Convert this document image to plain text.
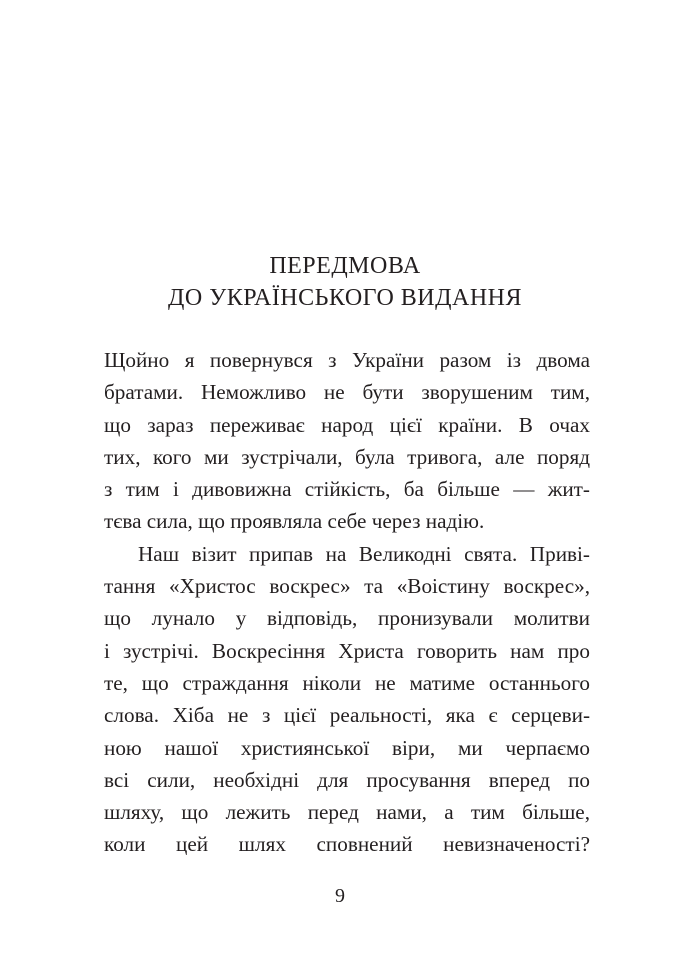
ПЕРЕДМОВА
ДО УКРАЇНСЬКОГО ВИДАННЯ
Щойно я повернувся з України разом із двома
братами. Неможливо не бути зворушеним тим,
що зараз переживає народ цієї країни. В очах
тих, кого ми зустрічали, була тривога, але поряд
з тим і дивовижна стійкість, ба більше — жит-
тєва сила, що проявляла себе через надію.
Наш візит припав на Великодні свята. Приві-
тання «Христос воскрес» та «Воістину воскрес»,
що лунало у відповідь, пронизували молитви
і зустрічі. Воскресіння Христа говорить нам про
те, що страждання ніколи не матиме останнього
слова. Хіба не з цієї реальності, яка є серцеви-
ною нашої християнської віри, ми черпаємо
всі сили, необхідні для просування вперед по
шляху, що лежить перед нами, а тим більше,
коли цей шлях сповнений невизначеності?
9
